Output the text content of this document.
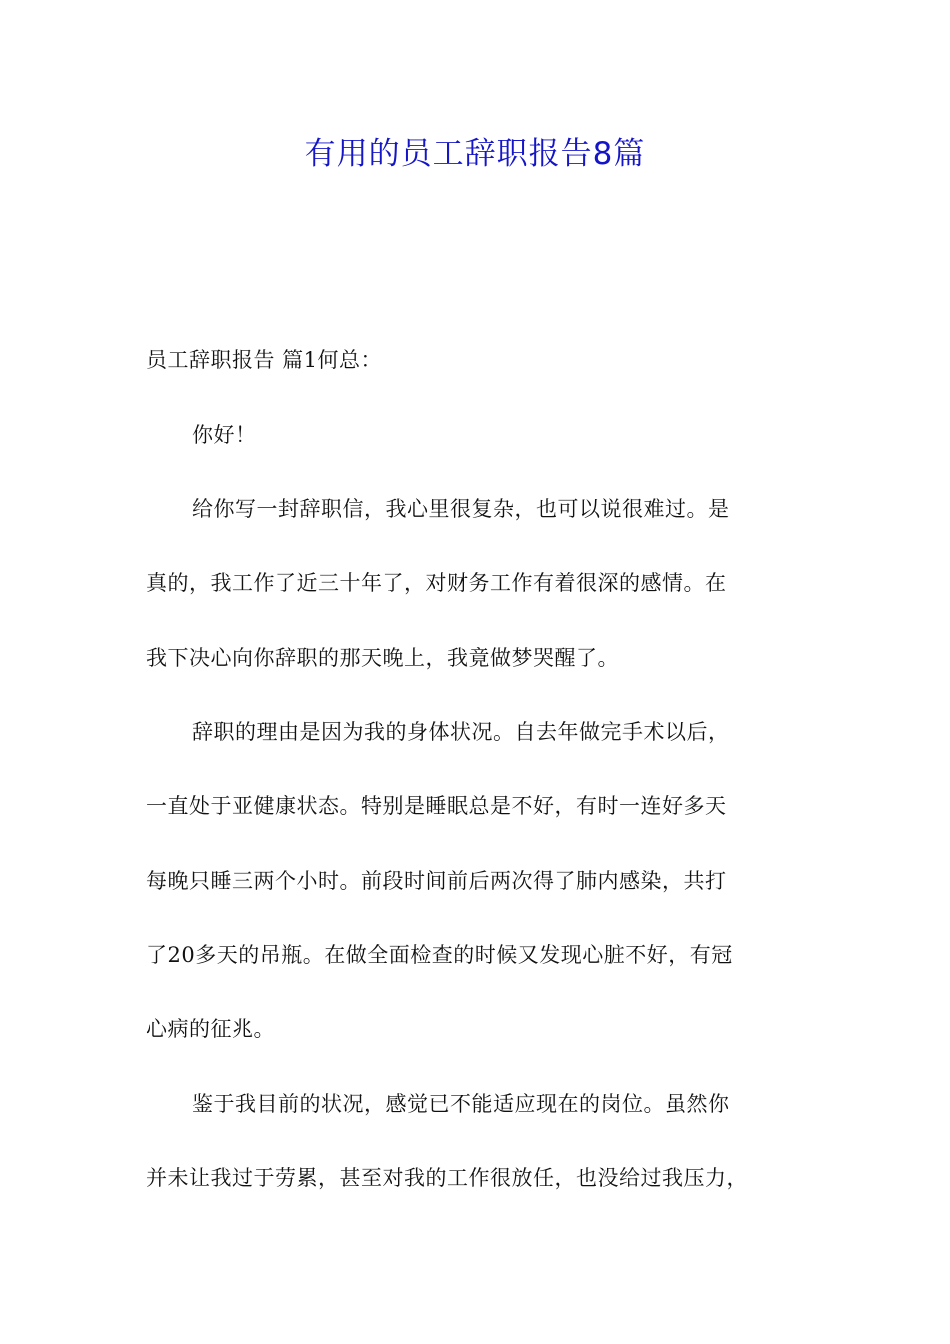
有用的员工辞职报告8篇
员工辞职报告 篇1何总：
你好！
给你写一封辞职信，我心里很复杂，也可以说很难过。是
真的，我工作了近三十年了，对财务工作有着很深的感情。在
我下决心向你辞职的那天晚上，我竟做梦哭醒了。
辞职的理由是因为我的身体状况。自去年做完手术以后，
一直处于亚健康状态。特别是睡眠总是不好，有时一连好多天
每晚只睡三两个小时。前段时间前后两次得了肺内感染，共打
了20多天的吊瓶。在做全面检查的时候又发现心脏不好，有冠
心病的征兆。
鉴于我目前的状况，感觉已不能适应现在的岗位。虽然你
并未让我过于劳累，甚至对我的工作很放任，也没给过我压力，
